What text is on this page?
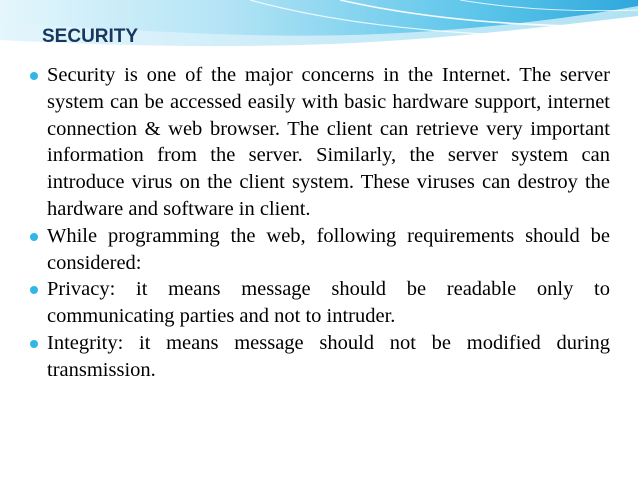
SECURITY
Security is one of the major concerns in the Internet. The server system can be accessed easily with basic hardware support, internet connection & web browser. The client can retrieve very important information from the server. Similarly, the server system can introduce virus on the client system. These viruses can destroy the hardware and software in client.
While programming the web, following requirements should be considered:
Privacy: it means message should be readable only to communicating parties and not to intruder.
Integrity: it means message should not be modified during transmission.
